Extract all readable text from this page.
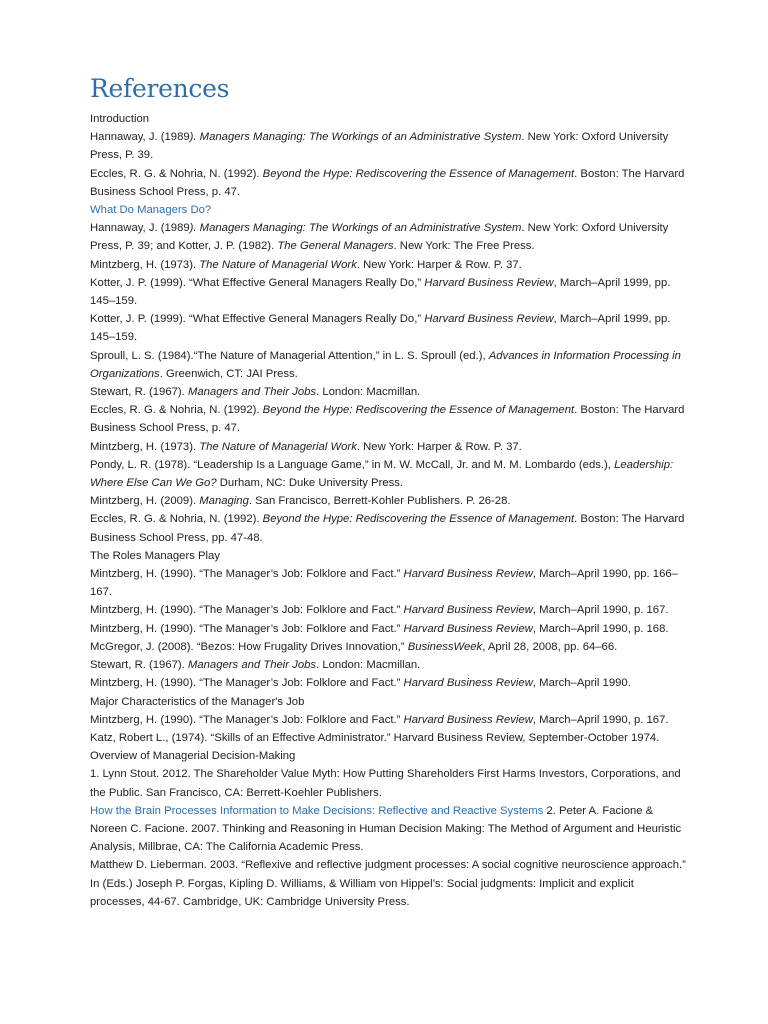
References

Introduction

Hannaway, J. (1989). Managers Managing: The Workings of an Administrative System. New York: Oxford University Press, P. 39.

Eccles, R. G. & Nohria, N. (1992). Beyond the Hype: Rediscovering the Essence of Management. Boston: The Harvard Business School Press, p. 47.

What Do Managers Do?

Hannaway, J. (1989). Managers Managing: The Workings of an Administrative System. New York: Oxford University Press, P. 39; and Kotter, J. P. (1982). The General Managers. New York: The Free Press.

Mintzberg, H. (1973). The Nature of Managerial Work. New York: Harper & Row. P. 37.

Kotter, J. P. (1999). “What Effective General Managers Really Do,” Harvard Business Review, March–April 1999, pp. 145–159.

Kotter, J. P. (1999). “What Effective General Managers Really Do,” Harvard Business Review, March–April 1999, pp. 145–159.

Sproull, L. S. (1984).“The Nature of Managerial Attention,” in L. S. Sproull (ed.), Advances in Information Processing in Organizations. Greenwich, CT: JAI Press.

Stewart, R. (1967). Managers and Their Jobs. London: Macmillan.

Eccles, R. G. & Nohria, N. (1992). Beyond the Hype: Rediscovering the Essence of Management. Boston: The Harvard Business School Press, p. 47.

Mintzberg, H. (1973). The Nature of Managerial Work. New York: Harper & Row. P. 37.

Pondy, L. R. (1978). “Leadership Is a Language Game,” in M. W. McCall, Jr. and M. M. Lombardo (eds.), Leadership: Where Else Can We Go? Durham, NC: Duke University Press.

Mintzberg, H. (2009). Managing. San Francisco, Berrett-Kohler Publishers. P. 26-28.

Eccles, R. G. & Nohria, N. (1992). Beyond the Hype: Rediscovering the Essence of Management. Boston: The Harvard Business School Press, pp. 47-48.

The Roles Managers Play

Mintzberg, H. (1990). “The Manager’s Job: Folklore and Fact.” Harvard Business Review, March–April 1990, pp. 166–167.

Mintzberg, H. (1990). “The Manager’s Job: Folklore and Fact.” Harvard Business Review, March–April 1990, p. 167.

Mintzberg, H. (1990). “The Manager’s Job: Folklore and Fact.” Harvard Business Review, March–April 1990, p. 168.

McGregor, J. (2008). “Bezos: How Frugality Drives Innovation,” BusinessWeek, April 28, 2008, pp. 64–66.

Stewart, R. (1967). Managers and Their Jobs. London: Macmillan.

Mintzberg, H. (1990). “The Manager’s Job: Folklore and Fact.” Harvard Business Review, March–April 1990.

Major Characteristics of the Manager's Job

Mintzberg, H. (1990). “The Manager’s Job: Folklore and Fact.” Harvard Business Review, March–April 1990, p. 167.

Katz, Robert L., (1974). “Skills of an Effective Administrator.” Harvard Business Review, September-October 1974.

Overview of Managerial Decision-Making

1. Lynn Stout. 2012. The Shareholder Value Myth: How Putting Shareholders First Harms Investors, Corporations, and the Public. San Francisco, CA: Berrett-Koehler Publishers.

How the Brain Processes Information to Make Decisions: Reflective and Reactive Systems 2. Peter A. Facione & Noreen C. Facione. 2007. Thinking and Reasoning in Human Decision Making: The Method of Argument and Heuristic Analysis, Millbrae, CA: The California Academic Press.

Matthew D. Lieberman. 2003. “Reflexive and reflective judgment processes: A social cognitive neuroscience approach.” In (Eds.) Joseph P. Forgas, Kipling D. Williams, & William von Hippel’s: Social judgments: Implicit and explicit processes, 44-67. Cambridge, UK: Cambridge University Press.
